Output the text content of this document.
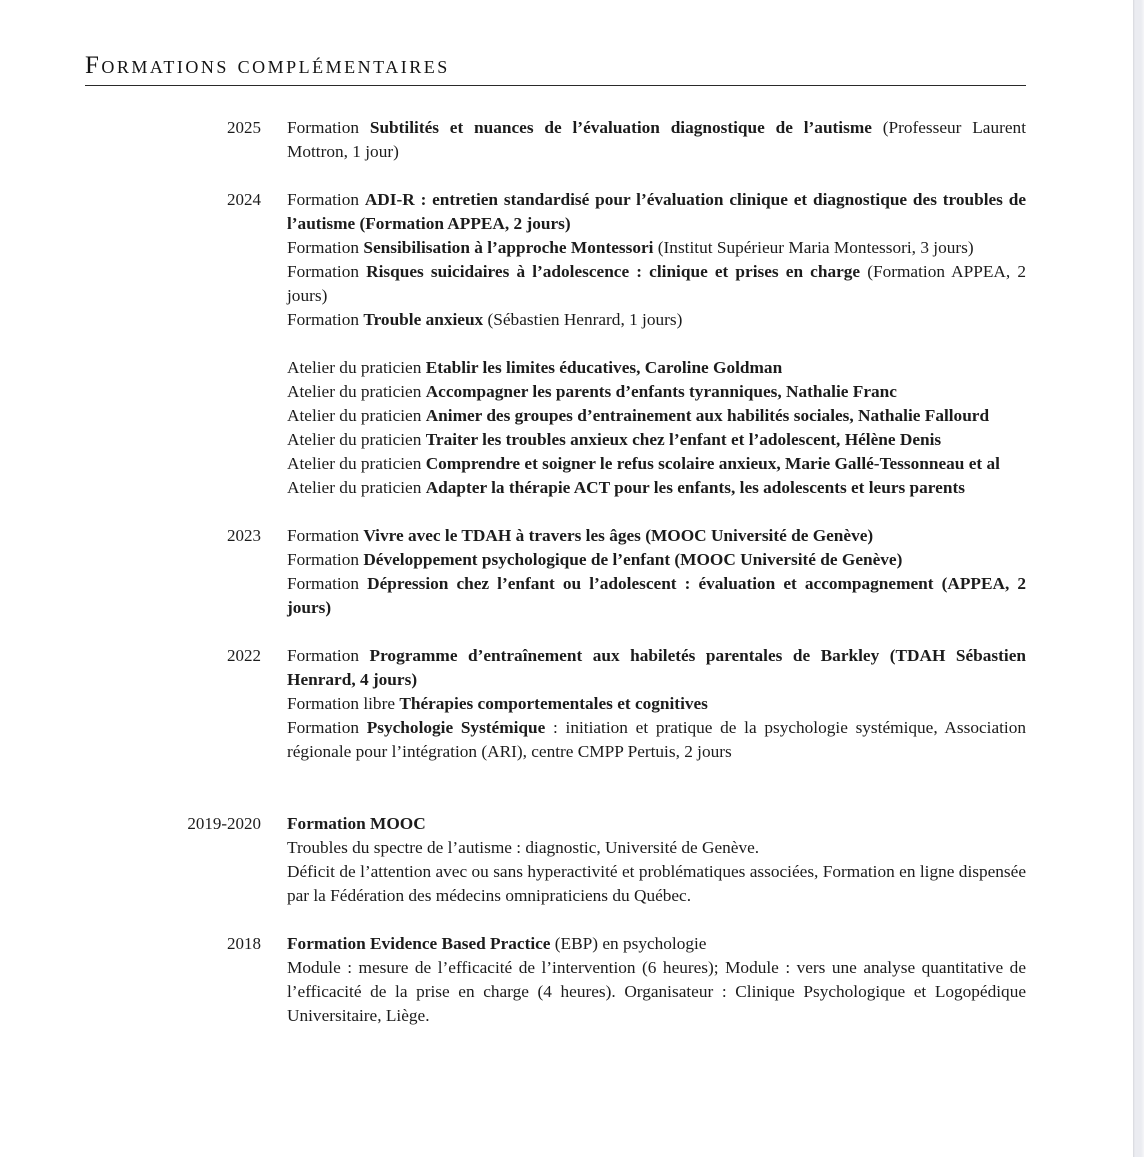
Formations complémentaires
2025 Formation Subtilités et nuances de l’évaluation diagnostique de l’autisme (Professeur Laurent Mottron, 1 jour)

2024 Formation ADI-R : entretien standardisé pour l’évaluation clinique et diagnostique des troubles de l’autisme (Formation APPEA, 2 jours)

Formation Sensibilisation à l’approche Montessori (Institut Supérieur Maria Montessori, 3 jours)

Formation Risques suicidaires à l’adolescence : clinique et prises en charge (Formation APPEA, 2 jours)

Formation Trouble anxieux (Sébastien Henrard, 1 jours)

Atelier du praticien Etablir les limites éducatives, Caroline Goldman

Atelier du praticien Accompagner les parents d’enfants tyranniques, Nathalie Franc

Atelier du praticien Animer des groupes d’entrainement aux habilités sociales, Nathalie Fallourd

Atelier du praticien Traiter les troubles anxieux chez l’enfant et l’adolescent, Hélène Denis

Atelier du praticien Comprendre et soigner le refus scolaire anxieux, Marie Gallé-Tessonneau et al

Atelier du praticien Adapter la thérapie ACT pour les enfants, les adolescents et leurs parents

2023 Formation Vivre avec le TDAH à travers les âges (MOOC Université de Genève)

Formation Développement psychologique de l’enfant (MOOC Université de Genève)

Formation Dépression chez l’enfant ou l’adolescent : évaluation et accompagnement (APPEA, 2 jours)

2022 Formation Programme d’entraînement aux habiletés parentales de Barkley (TDAH Sébastien Henrard, 4 jours)

Formation libre Thérapies comportementales et cognitives

Formation Psychologie Systémique : initiation et pratique de la psychologie systémique, Association régionale pour l’intégration (ARI), centre CMPP Pertuis, 2 jours

2019-2020 Formation MOOC

Troubles du spectre de l’autisme : diagnostic, Université de Genève.

Déficit de l’attention avec ou sans hyperactivité et problématiques associées, Formation en ligne dispensée par la Fédération des médecins omnipraticiens du Québec.

2018 Formation Evidence Based Practice (EBP) en psychologie

Module : mesure de l’efficacité de l’intervention (6 heures); Module : vers une analyse quantitative de l’efficacité de la prise en charge (4 heures). Organisateur : Clinique Psychologique et Logopédique Universitaire, Liège.
